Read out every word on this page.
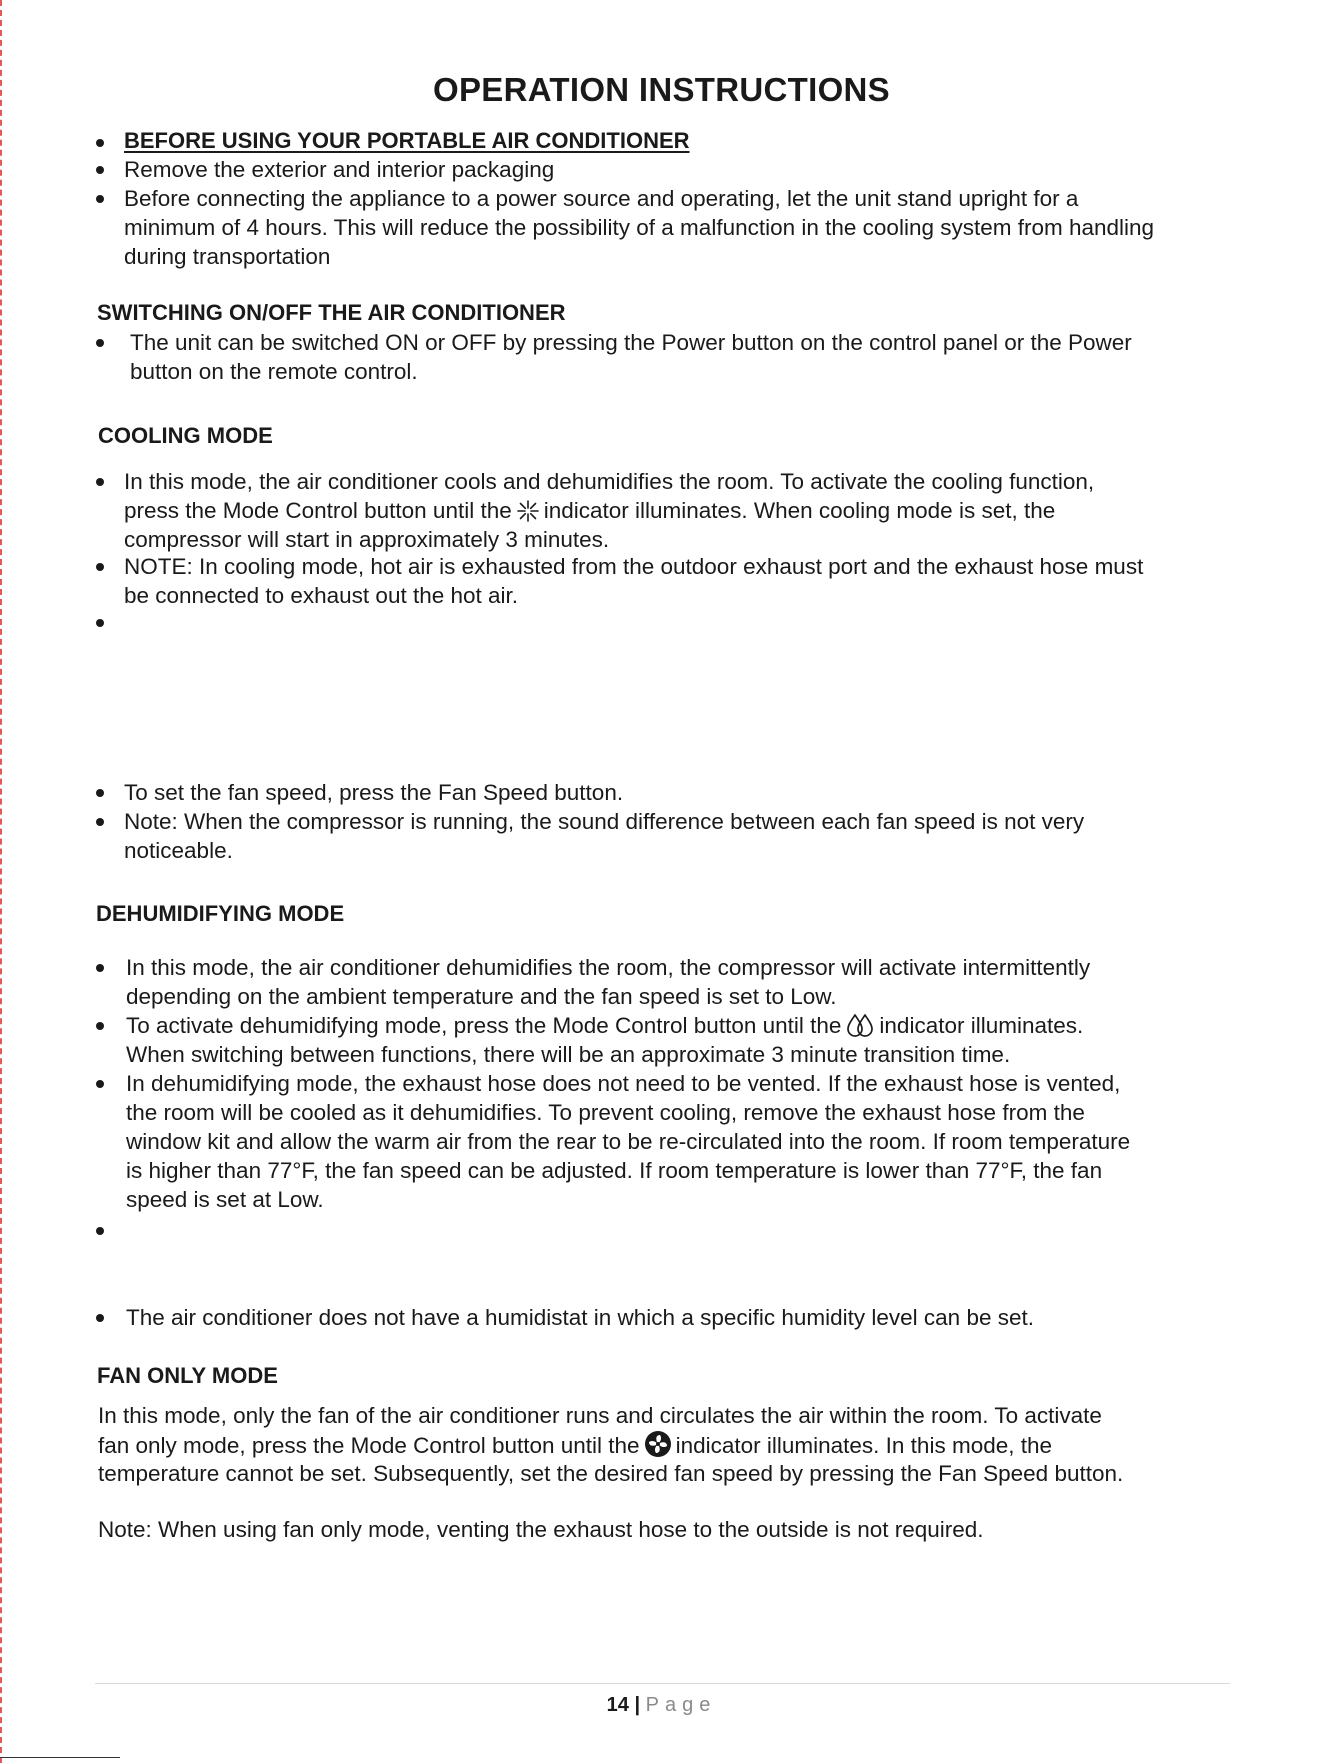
OPERATION INSTRUCTIONS
BEFORE USING YOUR PORTABLE AIR CONDITIONER
Remove the exterior and interior packaging
Before connecting the appliance to a power source and operating, let the unit stand upright for a
minimum of 4 hours. This will reduce the possibility of a malfunction in the cooling system from handling
during transportation
SWITCHING ON/OFF THE AIR CONDITIONER
The unit can be switched ON or OFF by pressing the Power button on the control panel or the Power
button on the remote control.
COOLING MODE
In this mode, the air conditioner cools and dehumidifies the room. To activate the cooling function,
press the Mode Control button until the indicator illuminates. When cooling mode is set, the
compressor will start in approximately 3 minutes.
NOTE: In cooling mode, hot air is exhausted from the outdoor exhaust port and the exhaust hose must
be connected to exhaust out the hot air.
To set the fan speed, press the Fan Speed button.
Note: When the compressor is running, the sound difference between each fan speed is not very
noticeable.
DEHUMIDIFYING MODE
In this mode, the air conditioner dehumidifies the room, the compressor will activate intermittently
depending on the ambient temperature and the fan speed is set to Low.
To activate dehumidifying mode, press the Mode Control button until the indicator illuminates.
When switching between functions, there will be an approximate 3 minute transition time.
In dehumidifying mode, the exhaust hose does not need to be vented. If the exhaust hose is vented,
the room will be cooled as it dehumidifies. To prevent cooling, remove the exhaust hose from the
window kit and allow the warm air from the rear to be re-circulated into the room. If room temperature
is higher than 77°F, the fan speed can be adjusted. If room temperature is lower than 77°F, the fan
speed is set at Low.
The air conditioner does not have a humidistat in which a specific humidity level can be set.
FAN ONLY MODE
In this mode, only the fan of the air conditioner runs and circulates the air within the room. To activate
fan only mode, press the Mode Control button until the indicator illuminates. In this mode, the
temperature cannot be set. Subsequently, set the desired fan speed by pressing the Fan Speed button.
Note: When using fan only mode, venting the exhaust hose to the outside is not required.
14 | Page
